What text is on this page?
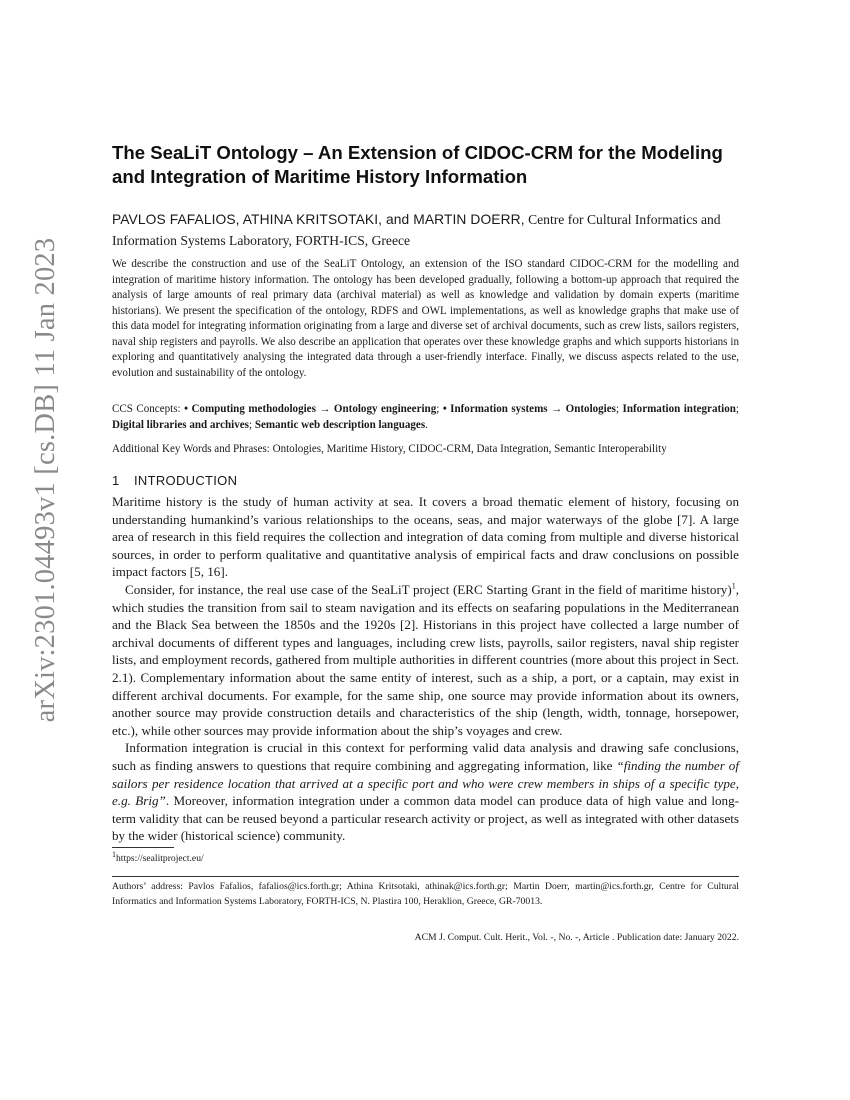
arXiv:2301.04493v1 [cs.DB] 11 Jan 2023
The SeaLiT Ontology – An Extension of CIDOC-CRM for the Modeling and Integration of Maritime History Information

PAVLOS FAFALIOS, ATHINA KRITSOTAKI, and MARTIN DOERR, Centre for Cultural Informatics and Information Systems Laboratory, FORTH-ICS, Greece

We describe the construction and use of the SeaLiT Ontology, an extension of the ISO standard CIDOC-CRM for the modelling and integration of maritime history information. The ontology has been developed gradually, following a bottom-up approach that required the analysis of large amounts of real primary data (archival material) as well as knowledge and validation by domain experts (maritime historians). We present the specification of the ontology, RDFS and OWL implementations, as well as knowledge graphs that make use of this data model for integrating information originating from a large and diverse set of archival documents, such as crew lists, sailors registers, naval ship registers and payrolls. We also describe an application that operates over these knowledge graphs and which supports historians in exploring and quantitatively analysing the integrated data through a user-friendly interface. Finally, we discuss aspects related to the use, evolution and sustainability of the ontology.

CCS Concepts: • Computing methodologies → Ontology engineering; • Information systems → Ontologies; Information integration; Digital libraries and archives; Semantic web description languages.

Additional Key Words and Phrases: Ontologies, Maritime History, CIDOC-CRM, Data Integration, Semantic Interoperability

1 INTRODUCTION

Maritime history is the study of human activity at sea. It covers a broad thematic element of history, focusing on understanding humankind’s various relationships to the oceans, seas, and major waterways of the globe [7]. A large area of research in this field requires the collection and integration of data coming from multiple and diverse historical sources, in order to perform qualitative and quantitative analysis of empirical facts and draw conclusions on possible impact factors [5, 16].

Consider, for instance, the real use case of the SeaLiT project (ERC Starting Grant in the field of maritime history)$^1$, which studies the transition from sail to steam navigation and its effects on seafaring populations in the Mediterranean and the Black Sea between the 1850s and the 1920s [2]. Historians in this project have collected a large number of archival documents of different types and languages, including crew lists, payrolls, sailor registers, naval ship register lists, and employment records, gathered from multiple authorities in different countries (more about this project in Sect. 2.1). Complementary information about the same entity of interest, such as a ship, a port, or a captain, may exist in different archival documents. For example, for the same ship, one source may provide information about its owners, another source may provide construction details and characteristics of the ship (length, width, tonnage, horsepower, etc.), while other sources may provide information about the ship’s voyages and crew.

Information integration is crucial in this context for performing valid data analysis and drawing safe conclusions, such as finding answers to questions that require combining and aggregating information, like “finding the number of sailors per residence location that arrived at a specific port and who were crew members in ships of a specific type, e.g. Brig”. Moreover, information integration under a common data model can produce data of high value and long-term validity that can be reused beyond a particular research activity or project, as well as integrated with other datasets by the wider (historical science) community.

$^1$https://sealitproject.eu/

Authors’ address: Pavlos Fafalios, fafalios@ics.forth.gr; Athina Kritsotaki, athinak@ics.forth.gr; Martin Doerr, martin@ics.forth.gr, Centre for Cultural Informatics and Information Systems Laboratory, FORTH-ICS, N. Plastira 100, Heraklion, Greece, GR-70013.

ACM J. Comput. Cult. Herit., Vol. -, No. -, Article . Publication date: January 2022.
